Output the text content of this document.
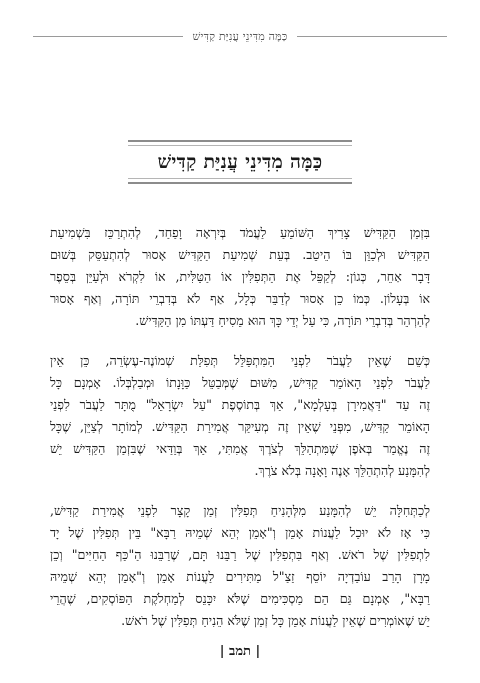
כַּמָּה מִדִּינֵי עֲנִיַּת קַדִּישׁ
כַּמָּה מִדִּינֵי עֲנִיַּת קַדִּישׁ
בִּזְמַן הַקַּדִּישׁ צָרִיךְ הַשּׁוֹמֵעַ לַעֲמֹד בְּיִרְאָה וָפַחַד, לְהִתְרַכֵּז בִּשְׁמִיעַת
הַקַּדִּישׁ וּלְכַוֵּן בּוֹ הֵיטֵב. בְּעֵת שְׁמִיעַת הַקַּדִּישׁ אָסוּר לְהִתְעַסֵּק בְּשׁוּם
דָּבָר אַחֵר, כְּגוֹן: לְקַפֵּל אֶת הַתְּפִלִּין אוֹ הַטַּלִּית, אוֹ לִקְרֹא וּלְעַיֵּן בְּסֵפֶר
אוֹ בְּעָלוֹן. כְּמוֹ כֵן אָסוּר לְדַבֵּר כְּלָל, אַף לֹא בְּדִבְרֵי תּוֹרָה, וְאַף אָסוּר
לְהַרְהֵר בְּדִבְרֵי תּוֹרָה, כִּי עַל יְדֵי כָּךְ הוּא מֵסִיחַ דַּעְתּוֹ מִן הַקַּדִּישׁ.
כְּשֵׁם שֶׁאֵין לַעֲבֹר לִפְנֵי הַמִּתְפַּלֵּל תְּפִלַּת שְׁמוֹנֶה-עֶשְׂרֵה, כֵּן אֵין
לַעֲבֹר לִפְנֵי הָאוֹמֵר קַדִּישׁ, מִשּׁוּם שֶׁמְּבַטֵּל כַּוָּנָתוֹ וּמְבַלְבְּלוֹ. אָמְנָם כָּל
זֶה עַד "דַּאֲמִירָן בְּעָלְמָא", אַךְ בְּתוֹסֶפֶת "עַל יִשְׂרָאֵל" מֻתָּר לַעֲבֹר לִפְנֵי
הָאוֹמֵר קַדִּישׁ, מִפְּנֵי שֶׁאֵין זֶה מְעִיקַּר אֲמִירַת הַקַּדִּישׁ. לְמוֹתָר לְצַיֵּן, שֶׁכָּל
זֶה נֶאֱמַר בְּאֹפֶן שֶׁמִּתְהַלֵּךְ לְצֹרֶךְ אֲמִתִּי, אַךְ בְּוַדַּאי שֶׁבִּזְמַן הַקַּדִּישׁ יֵשׁ
לְהִמָּנַע לְהִתְהַלֵּךְ אָנֶה וָאָנָה בְּלֹא צֹרֶךְ.
לְכַתְּחִלָּה יֵשׁ לְהִמָּנַע מִלְּהָנִיחַ תְּפִלִּין זְמַן קָצָר לִפְנֵי אֲמִירַת קַדִּישׁ,
כִּי אָז לֹא יוּכַל לַעֲנוֹת אָמֵן וְ"אָמֵן יְהֵא שְׁמֵיהּ רַבָּא" בֵּין תְּפִלִּין שֶׁל יָד
לִתְפִלִּין שֶׁל רֹאשׁ. וְאַף בִּתְפִלִּין שֶׁל רַבֵּנוּ תָּם, שֶׁרַבֵּנוּ הַ"כַּף הַחַיִּים" וְכֵן
מָרָן הָרַב עוֹבַדְיָה יוֹסֵף זַצַ"ל מַתִּירִים לַעֲנוֹת אָמֵן וְ"אָמֵן יְהֵא שְׁמֵיהּ
רַבָּא", אָמְנָם גַּם הֵם מַסְכִּימִים שֶׁלֹּא יִכָּנֵס לְמַחְלֹקֶת הַפּוֹסְקִים, שֶׁהֲרֵי
יֵשׁ שֶׁאוֹמְרִים שֶׁאֵין לַעֲנוֹת אָמֵן כָּל זְמַן שֶׁלֹּא הֵנִיחַ תְּפִלִּין שֶׁל רֹאשׁ.
| תמב |
